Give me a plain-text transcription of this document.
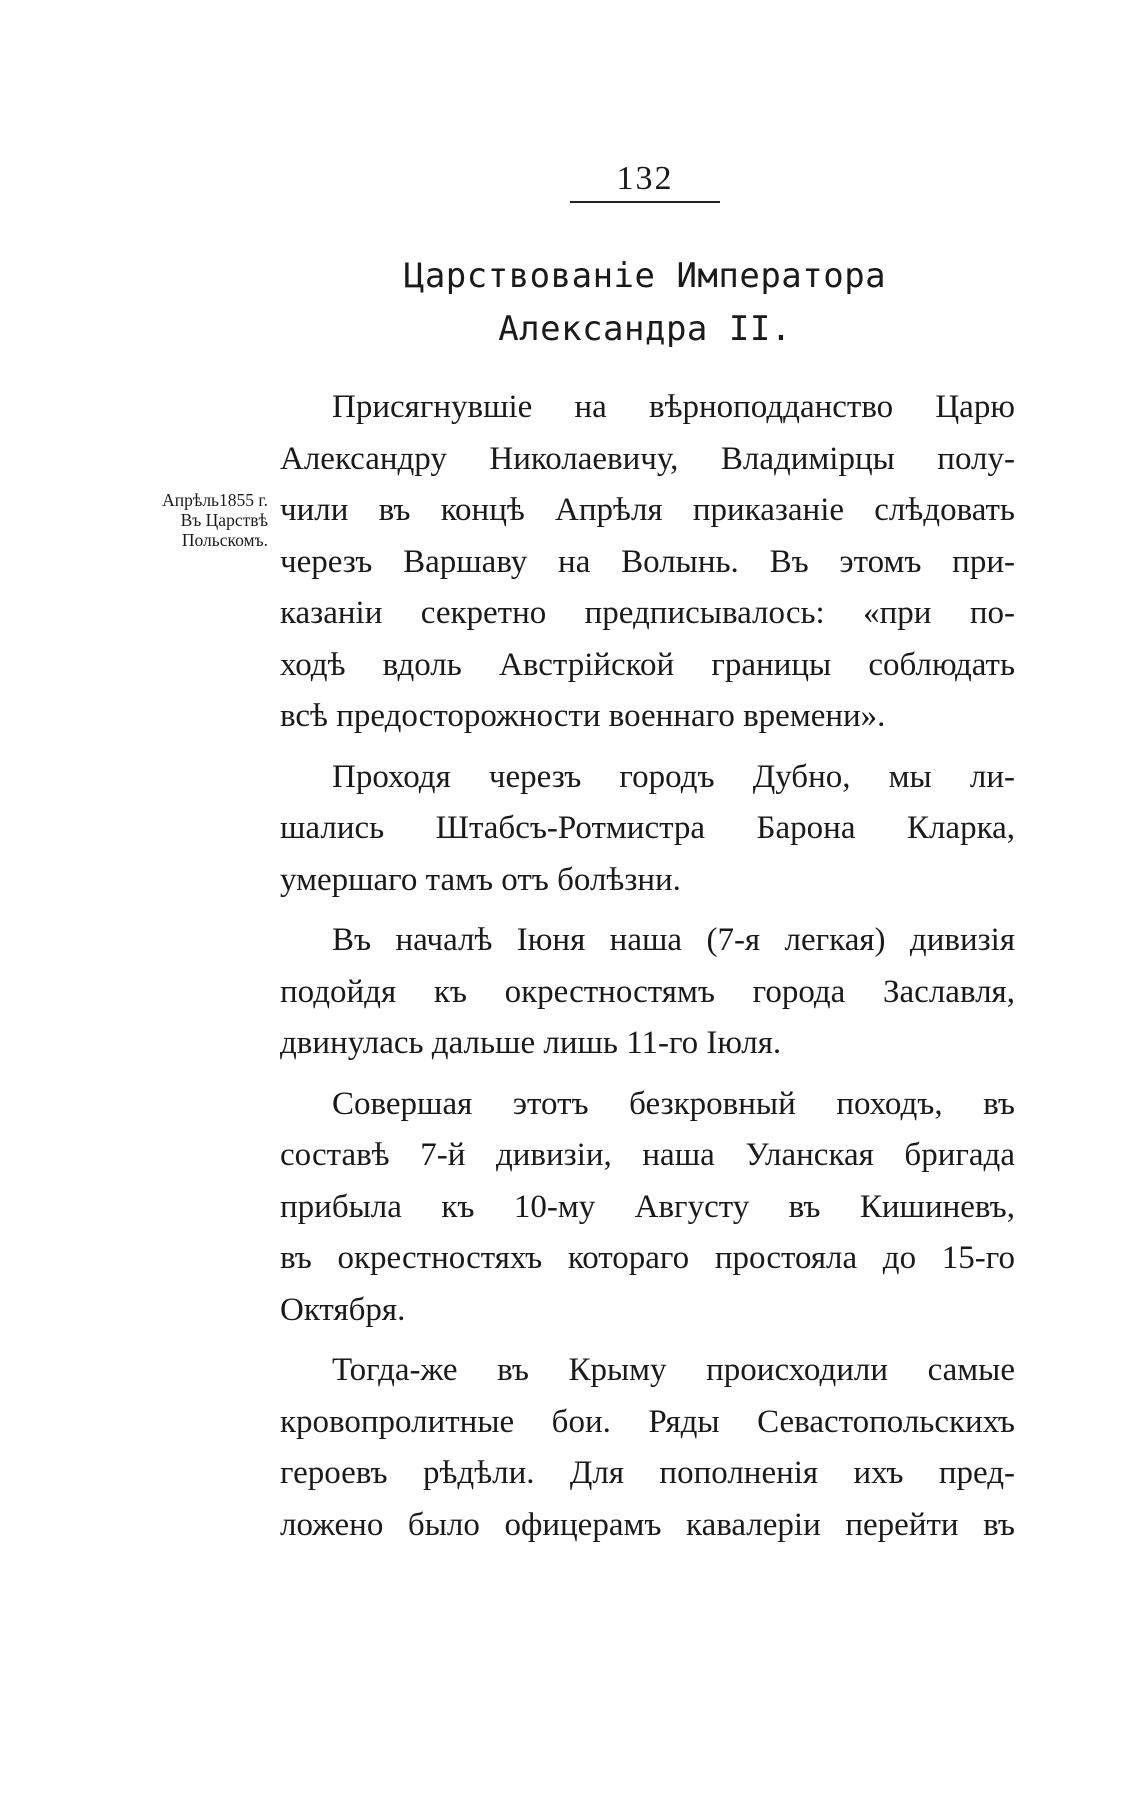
132
Царствованіе Императора
Александра II.
Апрѣль1855 г.
Въ Царствѣ
Польскомъ.
Присягнувшіе на вѣрноподданство Царю
Александру Николаевичу, Владимірцы полу-
чили въ концѣ Апрѣля приказаніе слѣдовать
черезъ Варшаву на Волынь. Въ этомъ при-
казаніи секретно предписывалось: «при по-
ходѣ вдоль Австрійской границы соблюдать
всѣ предосторожности военнаго времени».
Проходя черезъ городъ Дубно, мы ли-
шались Штабсъ-Ротмистра Барона Кларка,
умершаго тамъ отъ болѣзни.
Въ началѣ Іюня наша (7-я легкая) дивизія
подойдя къ окрестностямъ города Заславля,
двинулась дальше лишь 11-го Іюля.
Совершая этотъ безкровный походъ, въ
составѣ 7-й дивизіи, наша Уланская бригада
прибыла къ 10-му Августу въ Кишиневъ,
въ окрестностяхъ котораго простояла до 15-го
Октября.
Тогда-же въ Крыму происходили самые
кровопролитные бои. Ряды Севастопольскихъ
героевъ рѣдѣли. Для пополненія ихъ пред-
ложено было офицерамъ кавалеріи перейти въ
